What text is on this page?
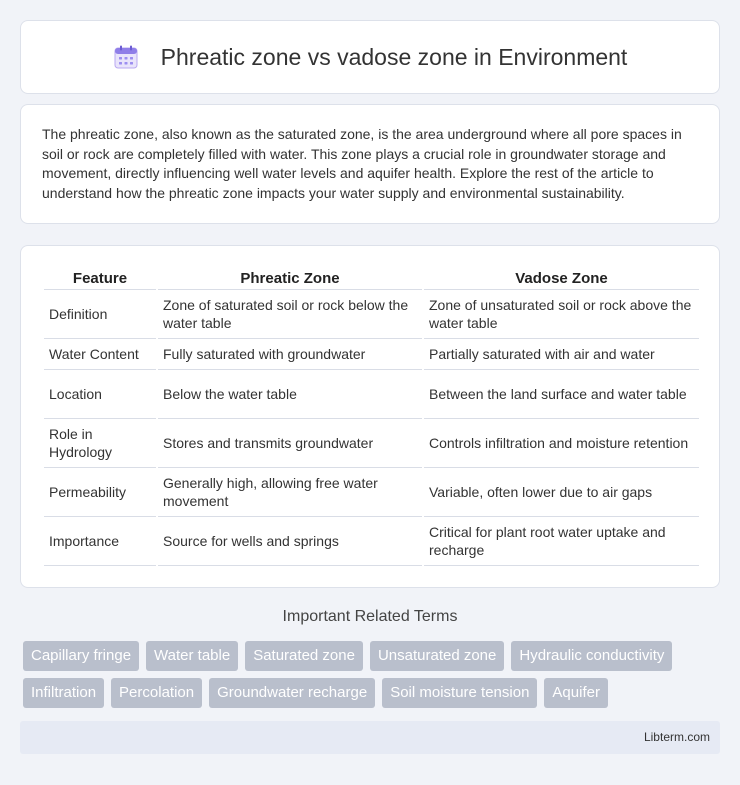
Phreatic zone vs vadose zone in Environment

The phreatic zone, also known as the saturated zone, is the area underground where all pore spaces in soil or rock are completely filled with water. This zone plays a crucial role in groundwater storage and movement, directly influencing well water levels and aquifer health. Explore the rest of the article to understand how the phreatic zone impacts your water supply and environmental sustainability.

Feature	Phreatic Zone	Vadose Zone
Definition	Zone of saturated soil or rock below the water table	Zone of unsaturated soil or rock above the water table
Water Content	Fully saturated with groundwater	Partially saturated with air and water
Location	Below the water table	Between the land surface and water table
Role in Hydrology	Stores and transmits groundwater	Controls infiltration and moisture retention
Permeability	Generally high, allowing free water movement	Variable, often lower due to air gaps
Importance	Source for wells and springs	Critical for plant root water uptake and recharge
Important Related Terms
Capillary fringe	Water table	Saturated zone	Unsaturated zone	Hydraulic conductivity
Infiltration	Percolation	Groundwater recharge	Soil moisture tension	Aquifer
Libterm.com
